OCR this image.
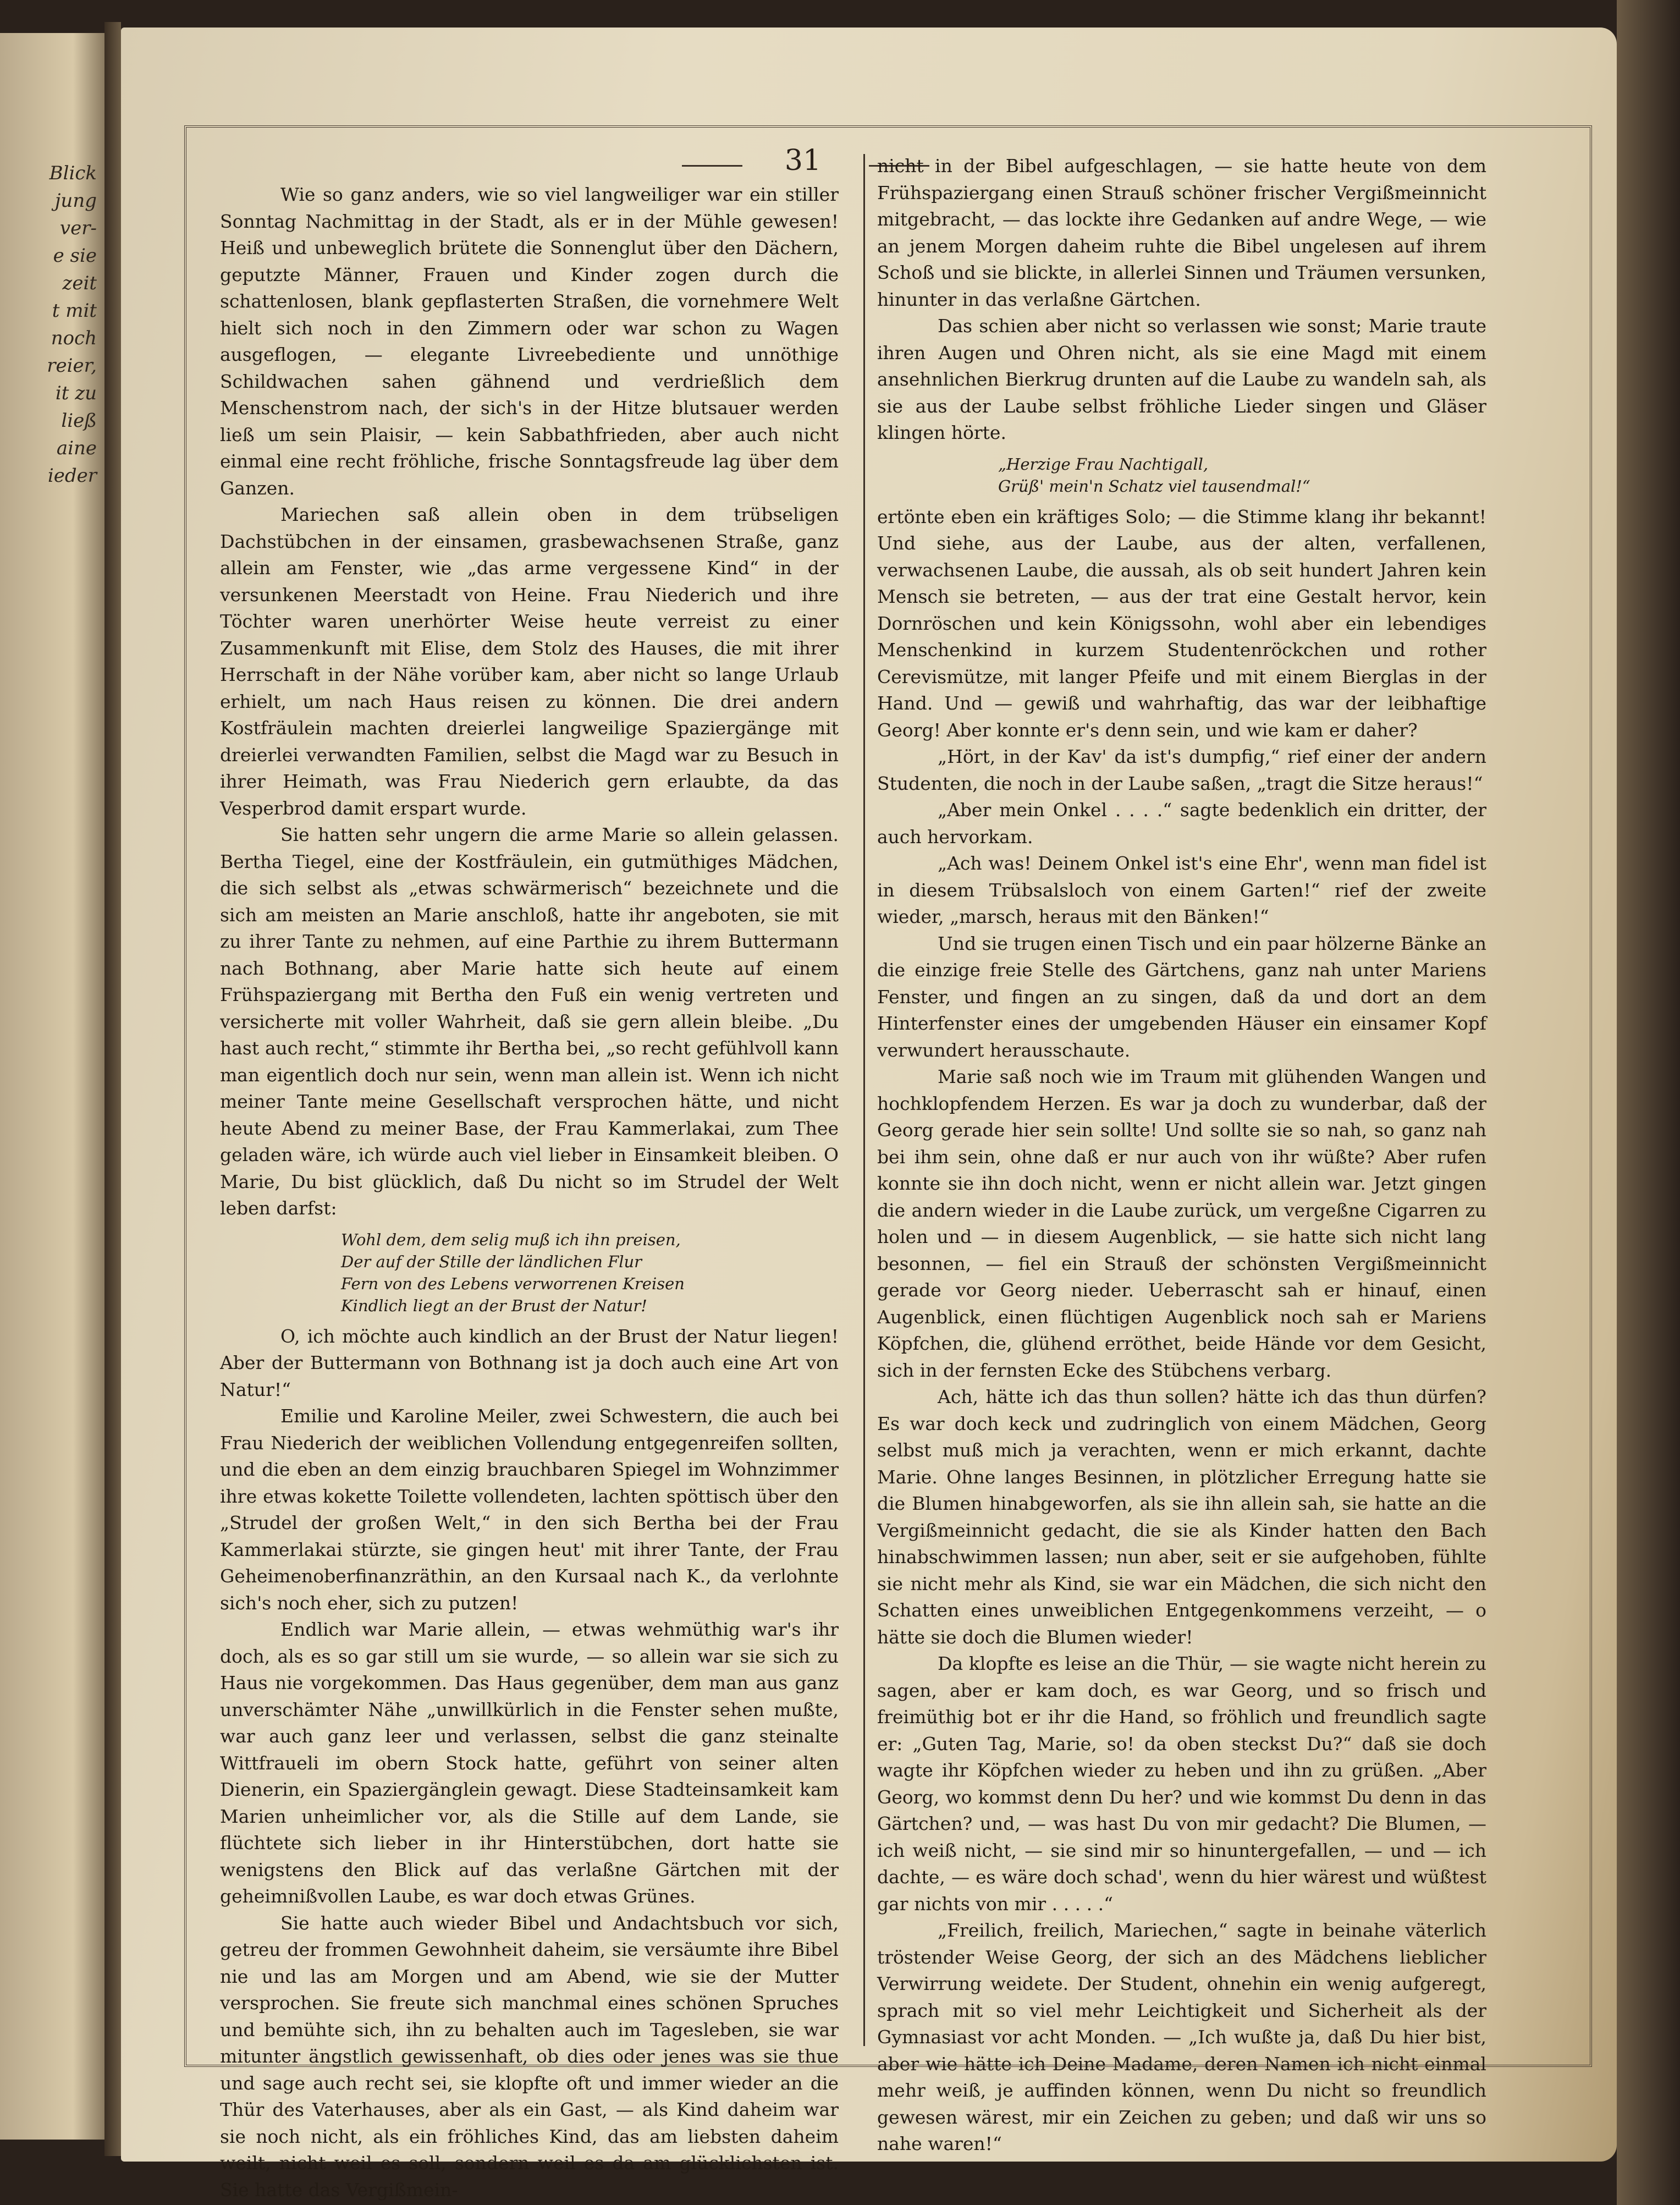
Blick
jung
ver-
e sie
zeit
t mit
noch
reier,
it zu
ließ
aine
ieder
31

Wie so ganz anders, wie so viel langweiliger war ein stiller Sonntag Nachmittag in der Stadt, als er in der Mühle gewesen! Heiß und unbeweglich brütete die Sonnenglut über den Dächern, geputzte Männer, Frauen und Kinder zogen durch die schattenlosen, blank gepflasterten Straßen, die vornehmere Welt hielt sich noch in den Zimmern oder war schon zu Wagen ausgeflogen, — elegante Livreebediente und unnöthige Schildwachen sahen gähnend und verdrießlich dem Menschenstrom nach, der sich's in der Hitze blutsauer werden ließ um sein Plaisir, — kein Sabbathfrieden, aber auch nicht einmal eine recht fröhliche, frische Sonntagsfreude lag über dem Ganzen.

Mariechen saß allein oben in dem trübseligen Dachstübchen in der einsamen, grasbewachsenen Straße, ganz allein am Fenster, wie „das arme vergessene Kind“ in der versunkenen Meerstadt von Heine. Frau Niederich und ihre Töchter waren unerhörter Weise heute verreist zu einer Zusammenkunft mit Elise, dem Stolz des Hauses, die mit ihrer Herrschaft in der Nähe vorüber kam, aber nicht so lange Urlaub erhielt, um nach Haus reisen zu können. Die drei andern Kostfräulein machten dreierlei langweilige Spaziergänge mit dreierlei verwandten Familien, selbst die Magd war zu Besuch in ihrer Heimath, was Frau Niederich gern erlaubte, da das Vesperbrod damit erspart wurde.

Sie hatten sehr ungern die arme Marie so allein gelassen. Bertha Tiegel, eine der Kostfräulein, ein gutmüthiges Mädchen, die sich selbst als „etwas schwärmerisch“ bezeichnete und die sich am meisten an Marie anschloß, hatte ihr angeboten, sie mit zu ihrer Tante zu nehmen, auf eine Parthie zu ihrem Buttermann nach Bothnang, aber Marie hatte sich heute auf einem Frühspaziergang mit Bertha den Fuß ein wenig vertreten und versicherte mit voller Wahrheit, daß sie gern allein bleibe. „Du hast auch recht,“ stimmte ihr Bertha bei, „so recht gefühlvoll kann man eigentlich doch nur sein, wenn man allein ist. Wenn ich nicht meiner Tante meine Gesellschaft versprochen hätte, und nicht heute Abend zu meiner Base, der Frau Kammerlakai, zum Thee geladen wäre, ich würde auch viel lieber in Einsamkeit bleiben. O Marie, Du bist glücklich, daß Du nicht so im Strudel der Welt leben darfst:

Wohl dem, dem selig muß ich ihn preisen,
Der auf der Stille der ländlichen Flur
Fern von des Lebens verworrenen Kreisen
Kindlich liegt an der Brust der Natur!

O, ich möchte auch kindlich an der Brust der Natur liegen! Aber der Buttermann von Bothnang ist ja doch auch eine Art von Natur!“

Emilie und Karoline Meiler, zwei Schwestern, die auch bei Frau Niederich der weiblichen Vollendung entgegenreifen sollten, und die eben an dem einzig brauchbaren Spiegel im Wohnzimmer ihre etwas kokette Toilette vollendeten, lachten spöttisch über den „Strudel der großen Welt,“ in den sich Bertha bei der Frau Kammerlakai stürzte, sie gingen heut' mit ihrer Tante, der Frau Geheimenoberfinanzräthin, an den Kursaal nach K., da verlohnte sich's noch eher, sich zu putzen!

Endlich war Marie allein, — etwas wehmüthig war's ihr doch, als es so gar still um sie wurde, — so allein war sie sich zu Haus nie vorgekommen. Das Haus gegenüber, dem man aus ganz unverschämter Nähe „unwillkürlich in die Fenster sehen mußte, war auch ganz leer und verlassen, selbst die ganz steinalte Wittfraueli im obern Stock hatte, geführt von seiner alten Dienerin, ein Spaziergänglein gewagt. Diese Stadteinsamkeit kam Marien unheimlicher vor, als die Stille auf dem Lande, sie flüchtete sich lieber in ihr Hinterstübchen, dort hatte sie wenigstens den Blick auf das verlaßne Gärtchen mit der geheimnißvollen Laube, es war doch etwas Grünes.

Sie hatte auch wieder Bibel und Andachtsbuch vor sich, getreu der frommen Gewohnheit daheim, sie versäumte ihre Bibel nie und las am Morgen und am Abend, wie sie der Mutter versprochen. Sie freute sich manchmal eines schönen Spruches und bemühte sich, ihn zu behalten auch im Tagesleben, sie war mitunter ängstlich gewissenhaft, ob dies oder jenes was sie thue und sage auch recht sei, sie klopfte oft und immer wieder an die Thür des Vaterhauses, aber als ein Gast, — als Kind daheim war sie noch nicht, als ein fröhliches Kind, das am liebsten daheim weilt, nicht weil es soll, sondern weil es da am glücklichsten ist. Sie hatte das Vergißmein-

nicht in der Bibel aufgeschlagen, — sie hatte heute von dem Frühspaziergang einen Strauß schöner frischer Vergißmeinnicht mitgebracht, — das lockte ihre Gedanken auf andre Wege, — wie an jenem Morgen daheim ruhte die Bibel ungelesen auf ihrem Schoß und sie blickte, in allerlei Sinnen und Träumen versunken, hinunter in das verlaßne Gärtchen.

Das schien aber nicht so verlassen wie sonst; Marie traute ihren Augen und Ohren nicht, als sie eine Magd mit einem ansehnlichen Bierkrug drunten auf die Laube zu wandeln sah, als sie aus der Laube selbst fröhliche Lieder singen und Gläser klingen hörte.

„Herzige Frau Nachtigall,
Grüß' mein'n Schatz viel tausendmal!“

ertönte eben ein kräftiges Solo; — die Stimme klang ihr bekannt! Und siehe, aus der Laube, aus der alten, verfallenen, verwachsenen Laube, die aussah, als ob seit hundert Jahren kein Mensch sie betreten, — aus der trat eine Gestalt hervor, kein Dornröschen und kein Königssohn, wohl aber ein lebendiges Menschenkind in kurzem Studentenröckchen und rother Cerevismütze, mit langer Pfeife und mit einem Bierglas in der Hand. Und — gewiß und wahrhaftig, das war der leibhaftige Georg! Aber konnte er's denn sein, und wie kam er daher?

„Hört, in der Kav' da ist's dumpfig,“ rief einer der andern Studenten, die noch in der Laube saßen, „tragt die Sitze heraus!“

„Aber mein Onkel . . . .“ sagte bedenklich ein dritter, der auch hervorkam.

„Ach was! Deinem Onkel ist's eine Ehr', wenn man fidel ist in diesem Trübsalsloch von einem Garten!“ rief der zweite wieder, „marsch, heraus mit den Bänken!“

Und sie trugen einen Tisch und ein paar hölzerne Bänke an die einzige freie Stelle des Gärtchens, ganz nah unter Mariens Fenster, und fingen an zu singen, daß da und dort an dem Hinterfenster eines der umgebenden Häuser ein einsamer Kopf verwundert herausschaute.

Marie saß noch wie im Traum mit glühenden Wangen und hochklopfendem Herzen. Es war ja doch zu wunderbar, daß der Georg gerade hier sein sollte! Und sollte sie so nah, so ganz nah bei ihm sein, ohne daß er nur auch von ihr wüßte? Aber rufen konnte sie ihn doch nicht, wenn er nicht allein war. Jetzt gingen die andern wieder in die Laube zurück, um vergeßne Cigarren zu holen und — in diesem Augenblick, — sie hatte sich nicht lang besonnen, — fiel ein Strauß der schönsten Vergißmeinnicht gerade vor Georg nieder. Ueberrascht sah er hinauf, einen Augenblick, einen flüchtigen Augenblick noch sah er Mariens Köpfchen, die, glühend erröthet, beide Hände vor dem Gesicht, sich in der fernsten Ecke des Stübchens verbarg.

Ach, hätte ich das thun sollen? hätte ich das thun dürfen? Es war doch keck und zudringlich von einem Mädchen, Georg selbst muß mich ja verachten, wenn er mich erkannt, dachte Marie. Ohne langes Besinnen, in plötzlicher Erregung hatte sie die Blumen hinabgeworfen, als sie ihn allein sah, sie hatte an die Vergißmeinnicht gedacht, die sie als Kinder hatten den Bach hinabschwimmen lassen; nun aber, seit er sie aufgehoben, fühlte sie nicht mehr als Kind, sie war ein Mädchen, die sich nicht den Schatten eines unweiblichen Entgegenkommens verzeiht, — o hätte sie doch die Blumen wieder!

Da klopfte es leise an die Thür, — sie wagte nicht herein zu sagen, aber er kam doch, es war Georg, und so frisch und freimüthig bot er ihr die Hand, so fröhlich und freundlich sagte er: „Guten Tag, Marie, so! da oben steckst Du?“ daß sie doch wagte ihr Köpfchen wieder zu heben und ihn zu grüßen. „Aber Georg, wo kommst denn Du her? und wie kommst Du denn in das Gärtchen? und, — was hast Du von mir gedacht? Die Blumen, — ich weiß nicht, — sie sind mir so hinuntergefallen, — und — ich dachte, — es wäre doch schad', wenn du hier wärest und wüßtest gar nichts von mir . . . . .“

„Freilich, freilich, Mariechen,“ sagte in beinahe väterlich tröstender Weise Georg, der sich an des Mädchens lieblicher Verwirrung weidete. Der Student, ohnehin ein wenig aufgeregt, sprach mit so viel mehr Leichtigkeit und Sicherheit als der Gymnasiast vor acht Monden. — „Ich wußte ja, daß Du hier bist, aber wie hätte ich Deine Madame, deren Namen ich nicht einmal mehr weiß, je auffinden können, wenn Du nicht so freundlich gewesen wärest, mir ein Zeichen zu geben; und daß wir uns so nahe waren!“
